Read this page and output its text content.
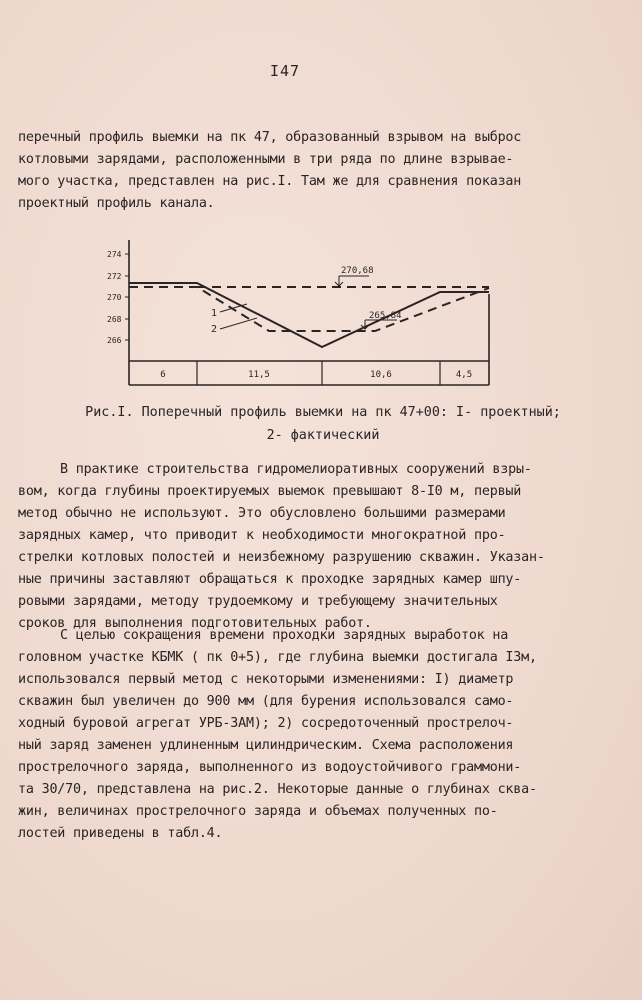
I47
перечный профиль выемки на пк 47, образованный взрывом на выброс
котловыми зарядами, расположенными в три ряда по длине взрывае-
мого участка, представлен на рис.I. Там же для сравнения показан
проектный профиль канала.
274
272
270
268
266
270,68
265,84
1
2
6	11,5	10,6	4,5
Рис.I. Поперечный профиль выемки на пк 47+00: I- проектный;
2- фактический
В практике строительства гидромелиоративных сооружений взры-
вом, когда глубины проектируемых выемок превышают 8-I0 м, первый
метод обычно не используют. Это обусловлено большими размерами
зарядных камер, что приводит к необходимости многократной про-
стрелки котловых полостей и неизбежному разрушению скважин. Указан-
ные причины заставляют обращаться к проходке зарядных камер шпу-
ровыми зарядами, методу трудоемкому и требующему значительных
сроков для выполнения подготовительных работ.
С целью сокращения времени проходки зарядных выработок на
головном участке КБМК ( пк 0+5), где глубина выемки достигала I3м,
использовался первый метод с некоторыми изменениями: I) диаметр
скважин был увеличен до 900 мм (для бурения использовался само-
ходный буровой агрегат УРБ-ЗАМ); 2) сосредоточенный прострелоч-
ный заряд заменен удлиненным цилиндрическим. Схема расположения
прострелочного заряда, выполненного из водоустойчивого граммони-
та 30/70, представлена на рис.2. Некоторые данные о глубинах сква-
жин, величинах прострелочного заряда и объемах полученных по-
лостей приведены в табл.4.
